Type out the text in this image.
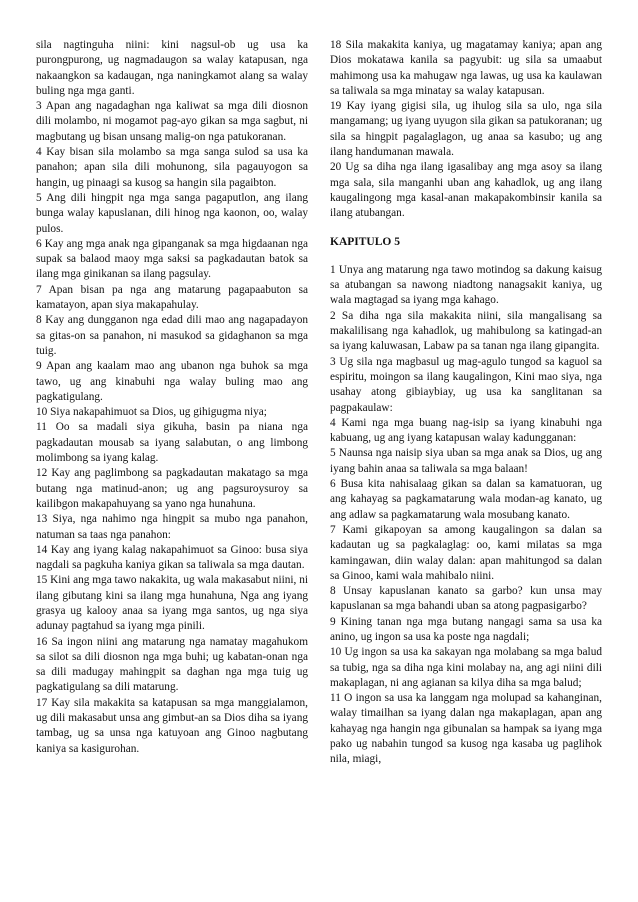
sila nagtinguha niini: kini nagsul-ob ug usa ka purongpurong, ug nagmadaugon sa walay katapusan, nga nakaangkon sa kadaugan, nga naningkamot alang sa walay buling nga mga ganti.

3 Apan ang nagadaghan nga kaliwat sa mga dili diosnon dili molambo, ni mogamot pag-ayo gikan sa mga sagbut, ni magbutang ug bisan unsang malig-on nga patukoranan.

4 Kay bisan sila molambo sa mga sanga sulod sa usa ka panahon; apan sila dili mohunong, sila pagauyogon sa hangin, ug pinaagi sa kusog sa hangin sila pagaibton.

5 Ang dili hingpit nga mga sanga pagaputlon, ang ilang bunga walay kapuslanan, dili hinog nga kaonon, oo, walay pulos.

6 Kay ang mga anak nga gipanganak sa mga higdaanan nga supak sa balaod maoy mga saksi sa pagkadautan batok sa ilang mga ginikanan sa ilang pagsulay.

7 Apan bisan pa nga ang matarung pagapaabuton sa kamatayon, apan siya makapahulay.

8 Kay ang dungganon nga edad dili mao ang nagapadayon sa gitas-on sa panahon, ni masukod sa gidaghanon sa mga tuig.

9 Apan ang kaalam mao ang ubanon nga buhok sa mga tawo, ug ang kinabuhi nga walay buling mao ang pagkatigulang.

10 Siya nakapahimuot sa Dios, ug gihigugma niya;

11 Oo sa madali siya gikuha, basin pa niana nga pagkadautan mousab sa iyang salabutan, o ang limbong molimbong sa iyang kalag.

12 Kay ang paglimbong sa pagkadautan makatago sa mga butang nga matinud-anon; ug ang pagsuroysuroy sa kailibgon makapahuyang sa yano nga hunahuna.

13 Siya, nga nahimo nga hingpit sa mubo nga panahon, natuman sa taas nga panahon:

14 Kay ang iyang kalag nakapahimuot sa Ginoo: busa siya nagdali sa pagkuha kaniya gikan sa taliwala sa mga dautan.

15 Kini ang mga tawo nakakita, ug wala makasabut niini, ni ilang gibutang kini sa ilang mga hunahuna, Nga ang iyang grasya ug kalooy anaa sa iyang mga santos, ug nga siya adunay pagtahud sa iyang mga pinili.

16 Sa ingon niini ang matarung nga namatay magahukom sa silot sa dili diosnon nga mga buhi; ug kabatan-onan nga sa dili madugay mahingpit sa daghan nga mga tuig ug pagkatigulang sa dili matarung.

17 Kay sila makakita sa katapusan sa mga manggialamon, ug dili makasabut unsa ang gimbut-an sa Dios diha sa iyang tambag, ug sa unsa nga katuyoan ang Ginoo nagbutang kaniya sa kasigurohan.

18 Sila makakita kaniya, ug magatamay kaniya; apan ang Dios mokatawa kanila sa pagyubit: ug sila sa umaabut mahimong usa ka mahugaw nga lawas, ug usa ka kaulawan sa taliwala sa mga minatay sa walay katapusan.

19 Kay iyang gigisi sila, ug ihulog sila sa ulo, nga sila mangamang; ug iyang uyugon sila gikan sa patukoranan; ug sila sa hingpit pagalaglagon, ug anaa sa kasubo; ug ang ilang handumanan mawala.

20 Ug sa diha nga ilang igasalibay ang mga asoy sa ilang mga sala, sila manganhi uban ang kahadlok, ug ang ilang kaugalingong mga kasal-anan makapakombinsir kanila sa ilang atubangan.

KAPITULO 5

1 Unya ang matarung nga tawo motindog sa dakung kaisug sa atubangan sa nawong niadtong nanagsakit kaniya, ug wala magtagad sa iyang mga kahago.

2 Sa diha nga sila makakita niini, sila mangalisang sa makalilisang nga kahadlok, ug mahibulong sa katingad-an sa iyang kaluwasan, Labaw pa sa tanan nga ilang gipangita.

3 Ug sila nga magbasul ug mag-agulo tungod sa kaguol sa espiritu, moingon sa ilang kaugalingon, Kini mao siya, nga usahay atong gibiaybiay, ug usa ka sanglitanan sa pagpakaulaw:

4 Kami nga mga buang nag-isip sa iyang kinabuhi nga kabuang, ug ang iyang katapusan walay kadungganan:

5 Naunsa nga naisip siya uban sa mga anak sa Dios, ug ang iyang bahin anaa sa taliwala sa mga balaan!

6 Busa kita nahisalaag gikan sa dalan sa kamatuoran, ug ang kahayag sa pagkamatarung wala modan-ag kanato, ug ang adlaw sa pagkamatarung wala mosubang kanato.

7 Kami gikapoyan sa among kaugalingon sa dalan sa kadautan ug sa pagkalaglag: oo, kami milatas sa mga kamingawan, diin walay dalan: apan mahitungod sa dalan sa Ginoo, kami wala mahibalo niini.

8 Unsay kapuslanan kanato sa garbo? kun unsa may kapuslanan sa mga bahandi uban sa atong pagpasigarbo?

9 Kining tanan nga mga butang nangagi sama sa usa ka anino, ug ingon sa usa ka poste nga nagdali;

10 Ug ingon sa usa ka sakayan nga molabang sa mga balud sa tubig, nga sa diha nga kini molabay na, ang agi niini dili makaplagan, ni ang agianan sa kilya diha sa mga balud;

11 O ingon sa usa ka langgam nga molupad sa kahanginan, walay timailhan sa iyang dalan nga makaplagan, apan ang kahayag nga hangin nga gibunalan sa hampak sa iyang mga pako ug nabahin tungod sa kusog nga kasaba ug paglihok nila, miagi,
